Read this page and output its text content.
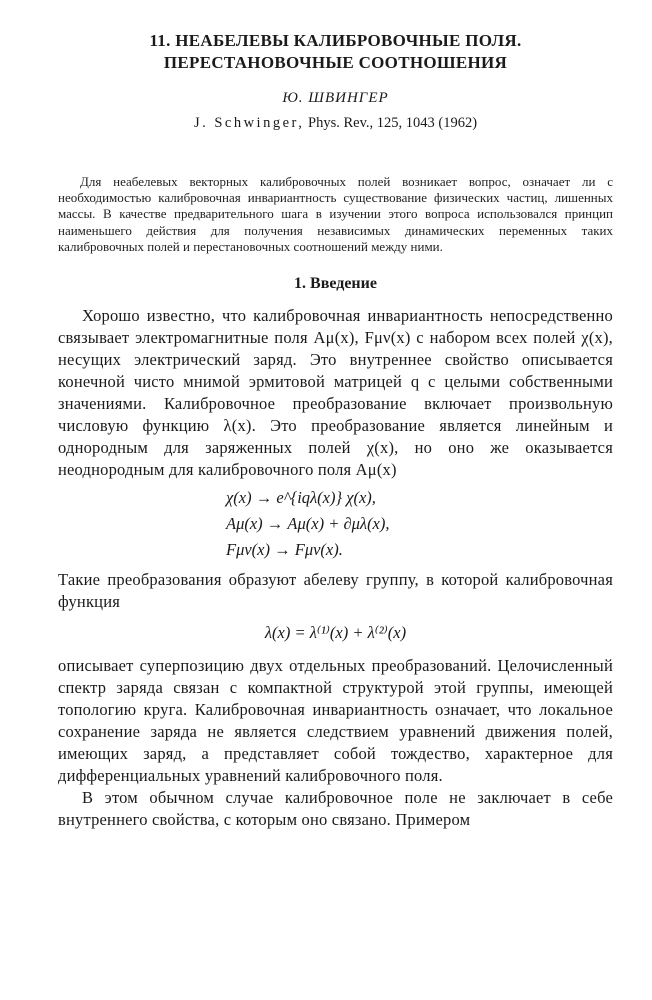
11. НЕАБЕЛЕВЫ КАЛИБРОВОЧНЫЕ ПОЛЯ.

ПЕРЕСТАНОВОЧНЫЕ СООТНОШЕНИЯ

Ю. ШВИНГЕР
J. Schwinger, Phys. Rev., 125, 1043 (1962)

Для неабелевых векторных калибровочных полей возникает вопрос, означает ли с необходимостью калибровочная инвариантность существование физических частиц, лишенных массы. В качестве предварительного шага в изучении этого вопроса использовался принцип наименьшего действия для получения независимых динамических переменных таких калибровочных полей и перестановочных соотношений между ними.

1. Введение

Хорошо известно, что калибровочная инвариантность непосредственно связывает электромагнитные поля Aμ(x), Fμν(x) с набором всех полей χ(x), несущих электрический заряд. Это внутреннее свойство описывается конечной чисто мнимой эрмитовой матрицей q с целыми собственными значениями. Калибровочное преобразование включает произвольную числовую функцию λ(x). Это преобразование является линейным и однородным для заряженных полей χ(x), но оно же оказывается неоднородным для калибровочного поля Aμ(x)

χ(x) → e^{iqλ(x)} χ(x),
Aμ(x) → Aμ(x) + ∂μλ(x),
Fμν(x) → Fμν(x).

Такие преобразования образуют абелеву группу, в которой калибровочная функция

λ(x) = λ⁽¹⁾(x) + λ⁽²⁾(x)

описывает суперпозицию двух отдельных преобразований. Целочисленный спектр заряда связан с компактной структурой этой группы, имеющей топологию круга. Калибровочная инвариантность означает, что локальное сохранение заряда не является следствием уравнений движения полей, имеющих заряд, а представляет собой тождество, характерное для дифференциальных уравнений калибровочного поля.

В этом обычном случае калибровочное поле не заключает в себе внутреннего свойства, с которым оно связано. Примером
